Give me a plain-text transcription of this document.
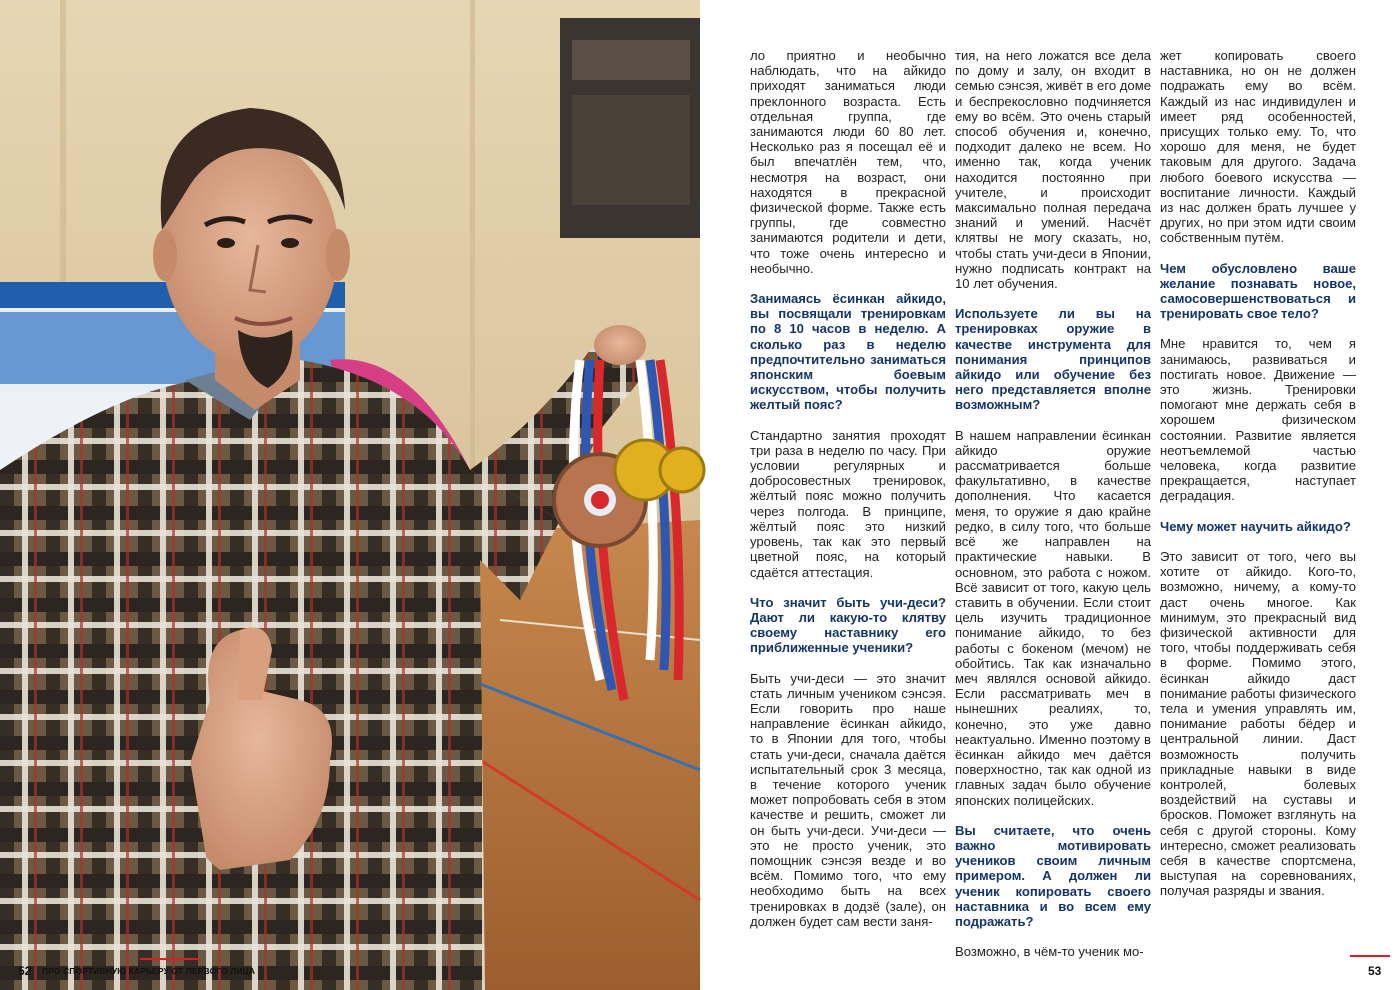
52 ПРО СПОРТИВНУЮ КАРЬЕРУ ОТ ПЕРВОГО ЛИЦА

ло приятно и необычно наблюдать, что на айкидо приходят заниматься люди преклонного возраста. Есть отдельная группа, где занимаются люди 60 80 лет. Несколько раз я посещал её и был впечатлён тем, что, несмотря на возраст, они находятся в прекрасной физической форме. Также есть группы, где совместно занимаются родители и дети, что тоже очень интересно и необычно.

Занимаясь ёсинкан айкидо, вы посвящали тренировкам по 8 10 часов в неделю. А сколько раз в неделю предпочтительно заниматься японским боевым искусством, чтобы получить желтый пояс?

Стандартно занятия проходят три раза в неделю по часу. При условии регулярных и добросовестных тренировок, жёлтый пояс можно получить через полгода. В принципе, жёлтый пояс это низкий уровень, так как это первый цветной пояс, на который сдаётся аттестация.

Что значит быть учи-деси? Дают ли какую-то клятву своему наставнику его приближенные ученики?

Быть учи-деси — это значит стать личным учеником сэнсэя. Если говорить про наше направление ёсинкан айкидо, то в Японии для того, чтобы стать учи-деси, сначала даётся испытательный срок 3 месяца, в течение которого ученик может попробовать себя в этом качестве и решить, сможет ли он быть учи-деси. Учи-деси — это не просто ученик, это помощник сэнсэя везде и во всём. Помимо того, что ему необходимо быть на всех тренировках в додзё (зале), он должен будет сам вести заня-

тия, на него ложатся все дела по дому и залу, он входит в семью сэнсэя, живёт в его доме и беспрекословно подчиняется ему во всём. Это очень старый способ обучения и, конечно, подходит далеко не всем. Но именно так, когда ученик находится постоянно при учителе, и происходит максимально полная передача знаний и умений. Насчёт клятвы не могу сказать, но, чтобы стать учи-деси в Японии, нужно подписать контракт на 10 лет обучения.

Используете ли вы на тренировках оружие в качестве инструмента для понимания принципов айкидо или обучение без него представляется вполне возможным?

В нашем направлении ёсинкан айкидо оружие рассматривается больше факультативно, в качестве дополнения. Что касается меня, то оружие я даю крайне редко, в силу того, что больше всё же направлен на практические навыки. В основном, это работа с ножом. Всё зависит от того, какую цель ставить в обучении. Если стоит цель изучить традиционное понимание айкидо, то без работы с бокеном (мечом) не обойтись. Так как изначально меч являлся основой айкидо. Если рассматривать меч в нынешних реалиях, то, конечно, это уже давно неактуально. Именно поэтому в ёсинкан айкидо меч даётся поверхностно, так как одной из главных задач было обучение японских полицейских.

Вы считаете, что очень важно мотивировать учеников своим личным примером. А должен ли ученик копировать своего наставника и во всем ему подражать?

Возможно, в чём-то ученик мо-

жет копировать своего наставника, но он не должен подражать ему во всём. Каждый из нас индивидулен и имеет ряд особенностей, присущих только ему. То, что хорошо для меня, не будет таковым для другого. Задача любого боевого искусства — воспитание личности. Каждый из нас должен брать лучшее у других, но при этом идти своим собственным путём.

Чем обусловлено ваше желание познавать новое, самосовершенствоваться и тренировать свое тело?

Мне нравится то, чем я занимаюсь, развиваться и постигать новое. Движение — это жизнь. Тренировки помогают мне держать себя в хорошем физическом состоянии. Развитие является неотъемлемой частью человека, когда развитие прекращается, наступает деградация.

Чему может научить айкидо?

Это зависит от того, чего вы хотите от айкидо. Кого-то, возможно, ничему, а кому-то даст очень многое. Как минимум, это прекрасный вид физической активности для того, чтобы поддерживать себя в форме. Помимо этого, ёсинкан айкидо даст понимание работы физического тела и умения управлять им, понимание работы бёдер и центральной линии. Даст возможность получить прикладные навыки в виде контролей, болевых воздействий на суставы и бросков. Поможет взглянуть на себя с другой стороны. Кому интересно, сможет реализовать себя в качестве спортсмена, выступая на соревнованиях, получая разряды и звания.

53
